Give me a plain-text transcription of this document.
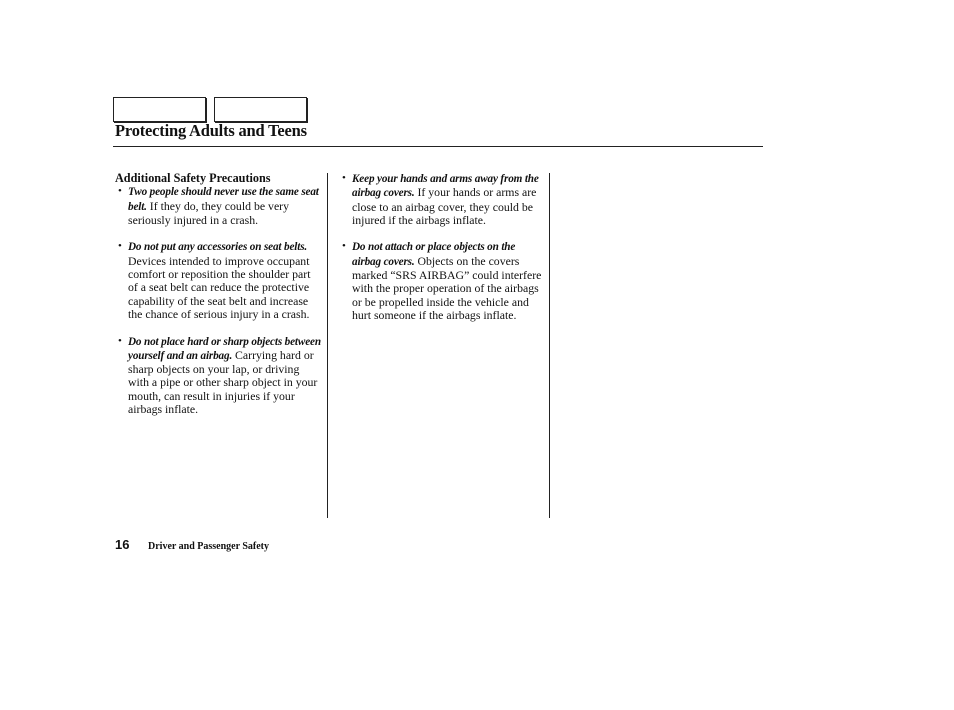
Protecting Adults and Teens

Additional Safety Precautions

• Two people should never use the same seat belt. If they do, they could be very seriously injured in a crash.
• Do not put any accessories on seat belts. Devices intended to improve occupant comfort or reposition the shoulder part of a seat belt can reduce the protective capability of the seat belt and increase the chance of serious injury in a crash.
• Do not place hard or sharp objects between yourself and an airbag. Carrying hard or sharp objects on your lap, or driving with a pipe or other sharp object in your mouth, can result in injuries if your airbags inflate.
• Keep your hands and arms away from the airbag covers. If your hands or arms are close to an airbag cover, they could be injured if the airbags inflate.
• Do not attach or place objects on the airbag covers. Objects on the covers marked “SRS AIRBAG” could interfere with the proper operation of the airbags or be propelled inside the vehicle and hurt someone if the airbags inflate.
16 Driver and Passenger Safety
